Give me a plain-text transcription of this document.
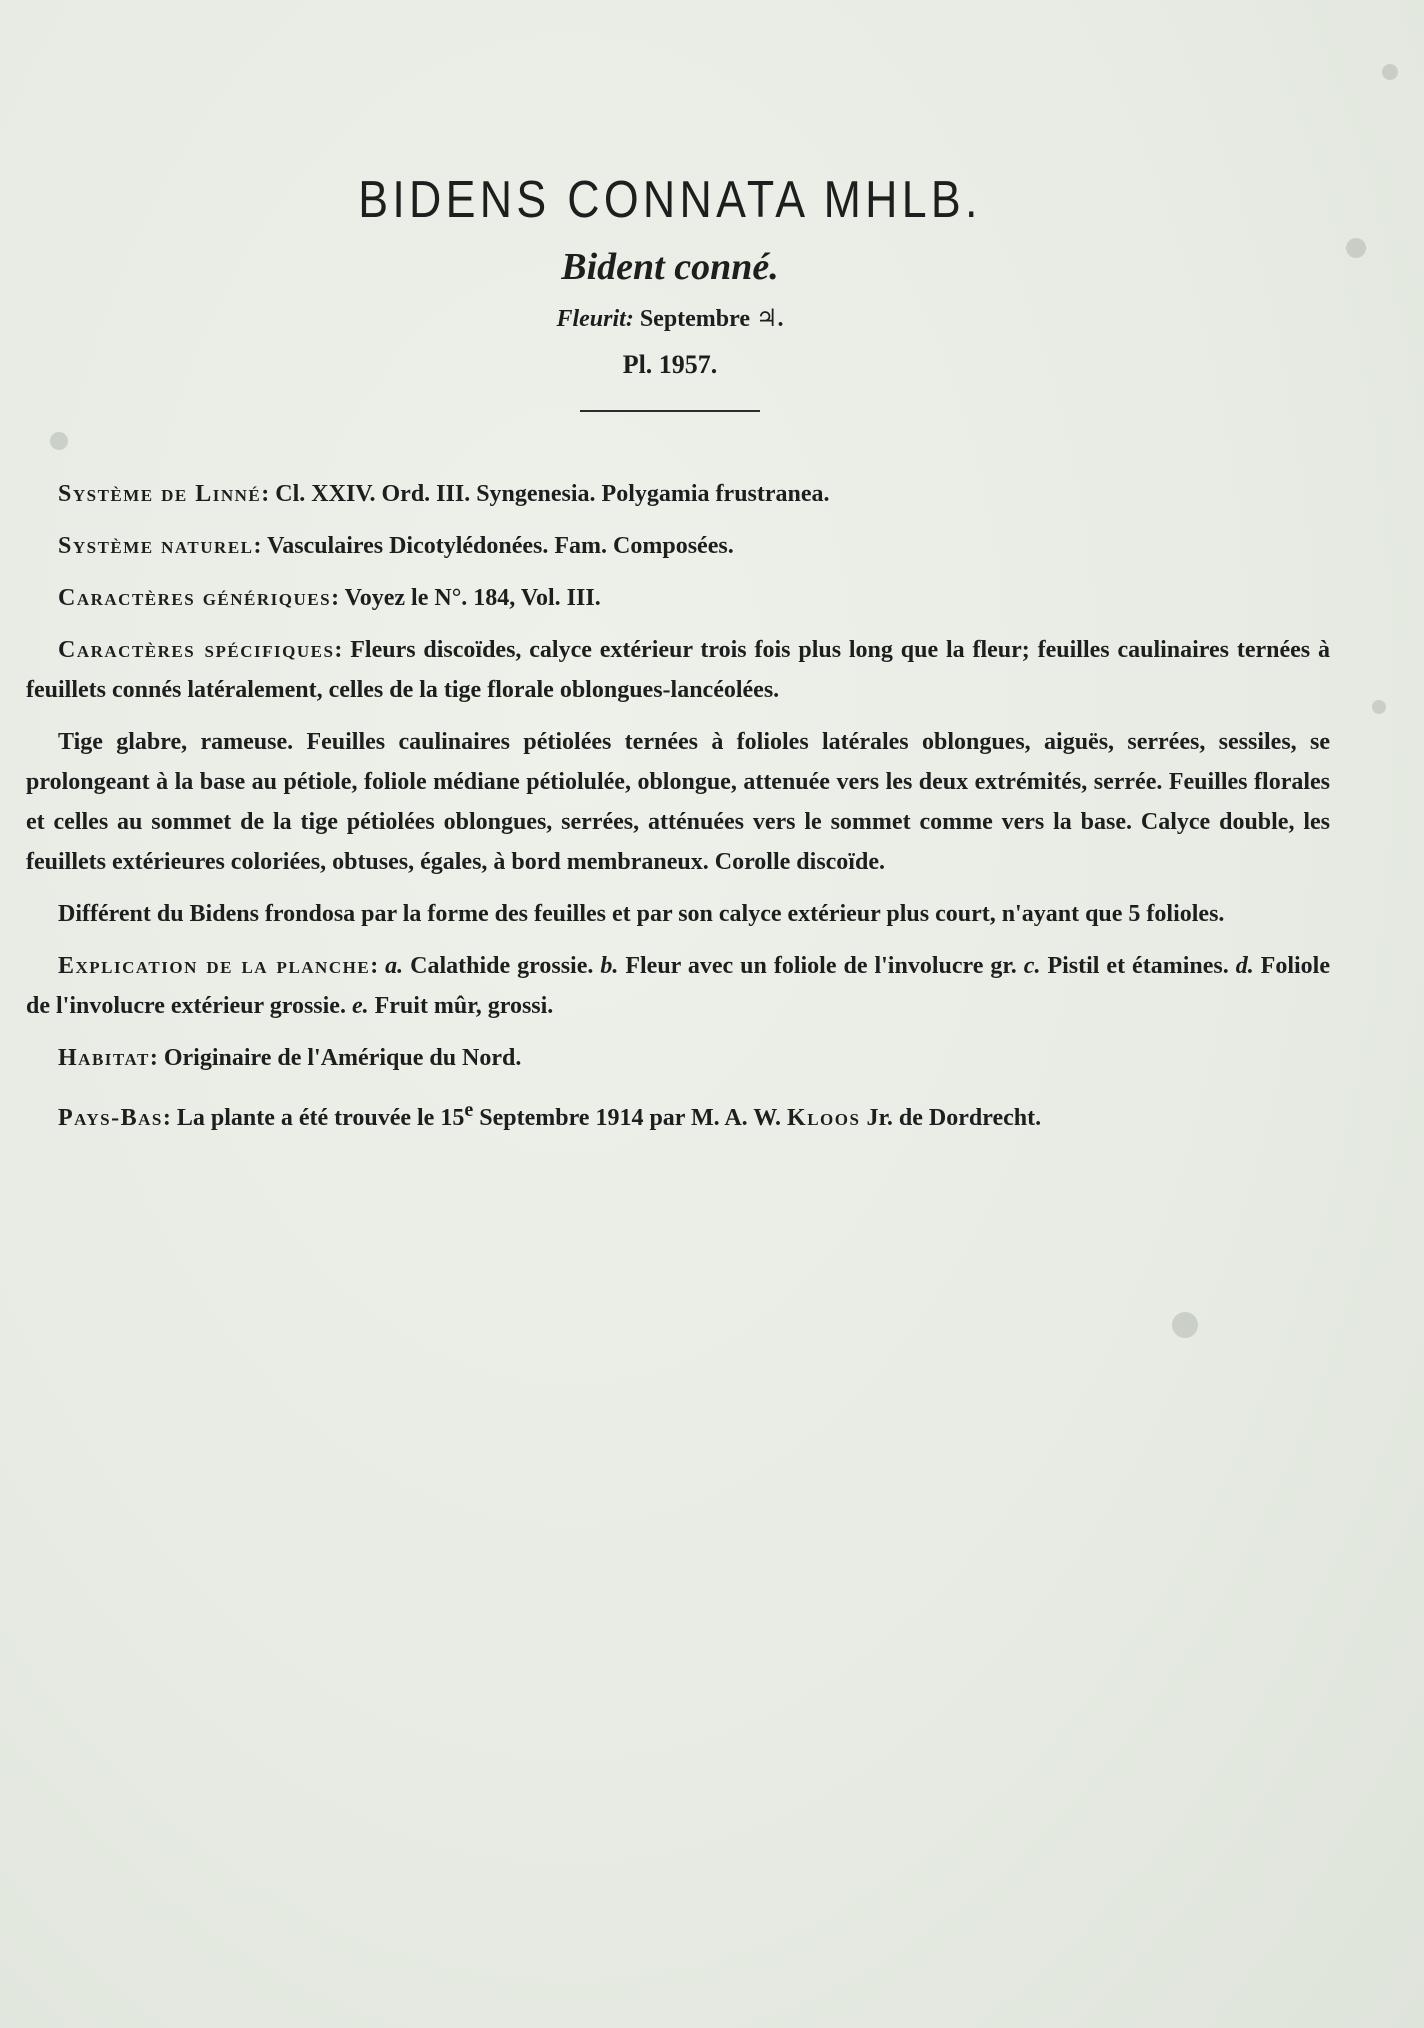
BIDENS CONNATA MHLB.
Bident conné.
Fleurit: Septembre ♃.
Pl. 1957.

Système de Linné: Cl. XXIV. Ord. III. Syngenesia. Polygamia frustranea.

Système naturel: Vasculaires Dicotylédonées. Fam. Composées.

Caractères génériques: Voyez le N°. 184, Vol. III.

Caractères spécifiques: Fleurs discoïdes, calyce extérieur trois fois plus long que la fleur; feuilles caulinaires ternées à feuillets connés latéralement, celles de la tige florale oblongues-lancéolées.

Tige glabre, rameuse. Feuilles caulinaires pétiolées ternées à folioles latérales oblongues, aiguës, serrées, sessiles, se prolongeant à la base au pétiole, foliole médiane pétiolulée, oblongue, attenuée vers les deux extrémités, serrée. Feuilles florales et celles au sommet de la tige pétiolées oblongues, serrées, atténuées vers le sommet comme vers la base. Calyce double, les feuillets extérieures coloriées, obtuses, égales, à bord membraneux. Corolle discoïde.

Différent du Bidens frondosa par la forme des feuilles et par son calyce extérieur plus court, n'ayant que 5 folioles.

Explication de la planche: a. Calathide grossie. b. Fleur avec un foliole de l'involucre gr. c. Pistil et étamines. d. Foliole de l'involucre extérieur grossie. e. Fruit mûr, grossi.

Habitat: Originaire de l'Amérique du Nord.

Pays-Bas: La plante a été trouvée le 15e Septembre 1914 par M. A. W. Kloos Jr. de Dordrecht.
